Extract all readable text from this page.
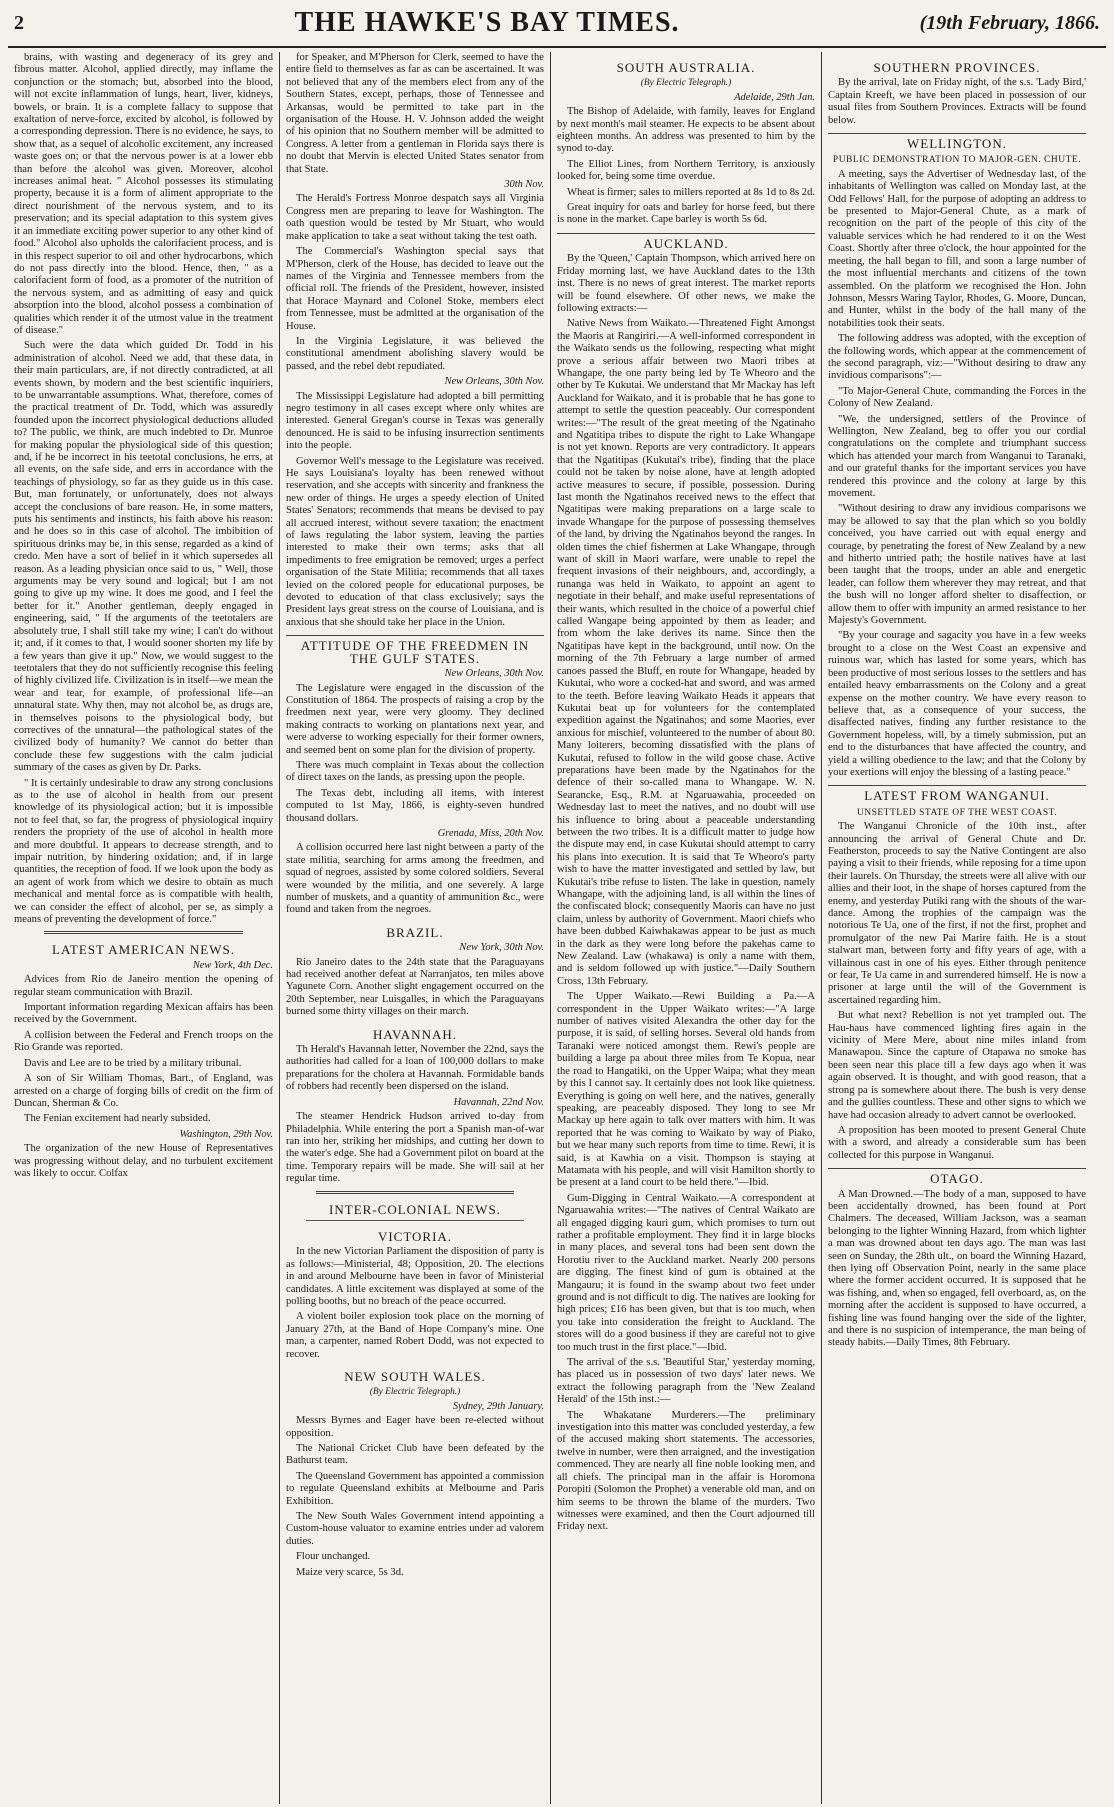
2	THE HAWKE'S BAY TIMES.	(19th February, 1866.

brains, with wasting and degeneracy of its grey and fibrous matter. Alcohol, applied directly, may inflame the conjunction or the stomach; but, absorbed into the blood, will not excite inflammation of lungs, heart, liver, kidneys, bowels, or brain. It is a complete fallacy to suppose that exaltation of nerve-force, excited by alcohol, is followed by a corresponding depression. There is no evidence, he says, to show that, as a sequel of alcoholic excitement, any increased waste goes on; or that the nervous power is at a lower ebb than before the alcohol was given. Moreover, alcohol increases animal heat. " Alcohol possesses its stimulating property, because it is a form of aliment appropriate to the direct nourishment of the nervous system, and to its preservation; and its special adaptation to this system gives it an immediate exciting power superior to any other kind of food." Alcohol also upholds the calorifacient process, and is in this respect superior to oil and other hydrocarbons, which do not pass directly into the blood. Hence, then, " as a calorifacient form of food, as a promoter of the nutrition of the nervous system, and as admitting of easy and quick absorption into the blood, alcohol possess a combination of qualities which render it of the utmost value in the treatment of disease."

Such were the data which guided Dr. Todd in his administration of alcohol. Need we add, that these data, in their main particulars, are, if not directly contradicted, at all events shown, by modern and the best scientific inquiriers, to be unwarrantable assumptions. What, therefore, comes of the practical treatment of Dr. Todd, which was assuredly founded upon the incorrect physiological deductions alluded to? The public, we think, are much indebted to Dr. Munroe for making popular the physiological side of this question; and, if he be incorrect in his teetotal conclusions, he errs, at all events, on the safe side, and errs in accordance with the teachings of physiology, so far as they guide us in this case. But, man fortunately, or unfortunately, does not always accept the conclusions of bare reason. He, in some matters, puts his sentiments and instincts, his faith above his reason: and he does so in this case of alcohol. The imbibition of spirituous drinks may be, in this sense, regarded as a kind of credo. Men have a sort of belief in it which supersedes all reason. As a leading physician once said to us, " Well, those arguments may be very sound and logical; but I am not going to give up my wine. It does me good, and I feel the better for it." Another gentleman, deeply engaged in engineering, said, " If the arguments of the teetotalers are absolutely true, I shall still take my wine; I can't do without it; and, if it comes to that, I would sooner shorten my life by a few years than give it up." Now, we would suggest to the teetotalers that they do not sufficiently recognise this feeling of highly civilized life. Civilization is in itself—we mean the wear and tear, for example, of professional life—an unnatural state. Why then, may not alcohol be, as drugs are, in themselves poisons to the physiological body, but correctives of the unnatural—the pathological states of the civilized body of humanity? We cannot do better than conclude these few suggestions with the calm judicial summary of the cases as given by Dr. Parks.

" It is certainly undesirable to draw any strong conclusions as to the use of alcohol in health from our present knowledge of its physiological action; but it is impossible not to feel that, so far, the progress of physiological inquiry renders the propriety of the use of alcohol in health more and more doubtful. It appears to decrease strength, and to impair nutrition, by hindering oxidation; and, if in large quantities, the reception of food. If we look upon the body as an agent of work from which we desire to obtain as much mechanical and mental force as is compatible with health, we can consider the effect of alcohol, per se, as simply a means of preventing the development of force."

LATEST AMERICAN NEWS.
New York, 4th Dec.

Advices from Rio de Janeiro mention the opening of regular steam communication with Brazil.

Important information regarding Mexican affairs has been received by the Government.

A collision between the Federal and French troops on the Rio Grande was reported.

Davis and Lee are to be tried by a military tribunal.

A son of Sir William Thomas, Bart., of England, was arrested on a charge of forging bills of credit on the firm of Duncan, Sherman & Co.

The Fenian excitement had nearly subsided.

Washington, 29th Nov.

The organization of the new House of Representatives was progressing without delay, and no turbulent excitement was likely to occur. Colfax

for Speaker, and M'Pherson for Clerk, seemed to have the entire field to themselves as far as can be ascertained. It was not believed that any of the members elect from any of the Southern States, except, perhaps, those of Tennessee and Arkansas, would be permitted to take part in the organisation of the House. H. V. Johnson added the weight of his opinion that no Southern member will be admitted to Congress. A letter from a gentleman in Florida says there is no doubt that Mervin is elected United States senator from that State.

30th Nov.

The Herald's Fortress Monroe despatch says all Virginia Congress men are preparing to leave for Washington. The oath question would be tested by Mr Stuart, who would make application to take a seat without taking the test oath.

The Commercial's Washington special says that M'Pherson, clerk of the House, has decided to leave out the names of the Virginia and Tennessee members from the official roll. The friends of the President, however, insisted that Horace Maynard and Colonel Stoke, members elect from Tennessee, must be admitted at the organisation of the House.

In the Virginia Legislature, it was believed the constitutional amendment abolishing slavery would be passed, and the rebel debt repudiated.

New Orleans, 30th Nov.

The Mississippi Legislature had adopted a bill permitting negro testimony in all cases except where only whites are interested. General Gregan's course in Texas was generally denounced. He is said to be infusing insurrection sentiments into the people.

Governor Well's message to the Legislature was received. He says Louisiana's loyalty has been renewed without reservation, and she accepts with sincerity and frankness the new order of things. He urges a speedy election of United States' Senators; recommends that means be devised to pay all accrued interest, without severe taxation; the enactment of laws regulating the labor system, leaving the parties interested to make their own terms; asks that all impediments to free emigration be removed; urges a perfect organisation of the State Militia; recommends that all taxes levied on the colored people for educational purposes, be devoted to education of that class exclusively; says the President lays great stress on the course of Louisiana, and is anxious that she should take her place in the Union.

ATTITUDE OF THE FREEDMEN IN THE GULF STATES.
New Orleans, 30th Nov.

The Legislature were engaged in the discussion of the Constitution of 1864. The prospects of raising a crop by the freedmen next year, were very gloomy. They declined making contracts to working on plantations next year, and were adverse to working especially for their former owners, and seemed bent on some plan for the division of property.

There was much complaint in Texas about the collection of direct taxes on the lands, as pressing upon the people.

The Texas debt, including all items, with interest computed to 1st May, 1866, is eighty-seven hundred thousand dollars.

Grenada, Miss, 20th Nov.

A collision occurred here last night between a party of the state militia, searching for arms among the freedmen, and squad of negroes, assisted by some colored soldiers. Several were wounded by the militia, and one severely. A large number of muskets, and a quantity of ammunition &c., were found and taken from the negroes.

BRAZIL.
New York, 30th Nov.

Rio Janeiro dates to the 24th state that the Paraguayans had received another defeat at Narranjatos, ten miles above Yagunete Corn. Another slight engagement occurred on the 20th September, near Luisgalles, in which the Paraguayans burned some thirty villages on their march.

HAVANNAH.

Th Herald's Havannah letter, November the 22nd, says the authorities had called for a loan of 100,000 dollars to make preparations for the cholera at Havannah. Formidable bands of robbers had recently been dispersed on the island.

Havannah, 22nd Nov.

The steamer Hendrick Hudson arrived to-day from Philadelphia. While entering the port a Spanish man-of-war ran into her, striking her midships, and cutting her down to the water's edge. She had a Government pilot on board at the time. Temporary repairs will be made. She will sail at her regular time.

INTER-COLONIAL NEWS.
VICTORIA.

In the new Victorian Parliament the disposition of party is as follows:—Ministerial, 48; Opposition, 20. The elections in and around Melbourne have been in favor of Ministerial candidates. A little excitement was displayed at some of the polling booths, but no breach of the peace occurred.

A violent boiler explosion took place on the morning of January 27th, at the Band of Hope Company's mine. One man, a carpenter, named Robert Dodd, was not expected to recover.

NEW SOUTH WALES.
(By Electric Telegraph.)
Sydney, 29th January.

Messrs Byrnes and Eager have been re-elected without opposition.

The National Cricket Club have been defeated by the Bathurst team.

The Queensland Government has appointed a commission to regulate Queensland exhibits at Melbourne and Paris Exhibition.

The New South Wales Government intend appointing a Custom-house valuator to examine entries under ad valorem duties.

Flour unchanged.

Maize very scarce, 5s 3d.

SOUTH AUSTRALIA.
(By Electric Telegraph.)
Adelaide, 29th Jan.

The Bishop of Adelaide, with family, leaves for England by next month's mail steamer. He expects to be absent about eighteen months. An address was presented to him by the synod to-day.

The Elliot Lines, from Northern Territory, is anxiously looked for, being some time overdue.

Wheat is firmer; sales to millers reported at 8s 1d to 8s 2d.

Great inquiry for oats and barley for horse feed, but there is none in the market. Cape barley is worth 5s 6d.

AUCKLAND.

By the 'Queen,' Captain Thompson, which arrived here on Friday morning last, we have Auckland dates to the 13th inst. There is no news of great interest. The market reports will be found elsewhere. Of other news, we make the following extracts:—

Native News from Waikato.—Threatened Fight Amongst the Maoris at Rangiriri.—A well-informed correspondent in the Waikato sends us the following, respecting what might prove a serious affair between two Maori tribes at Whangape, the one party being led by Te Wheoro and the other by Te Kukutai. We understand that Mr Mackay has left Auckland for Waikato, and it is probable that he has gone to attempt to settle the question peaceably. Our correspondent writes:—"The result of the great meeting of the Ngatinaho and Ngatitipa tribes to dispute the right to Lake Whangape is not yet known. Reports are very contradictory. It appears that the Ngatitipas (Kukutai's tribe), finding that the place could not be taken by noise alone, have at length adopted active measures to secure, if possible, possession. During last month the Ngatinahos received news to the effect that Ngatitipas were making preparations on a large scale to invade Whangape for the purpose of possessing themselves of the land, by driving the Ngatinahos beyond the ranges. In olden times the chief fishermen at Lake Whangape, through want of skill in Maori warfare, were unable to repel the frequent invasions of their neighbours, and, accordingly, a runanga was held in Waikato, to appoint an agent to negotiate in their behalf, and make useful representations of their wants, which resulted in the choice of a powerful chief called Wangape being appointed by them as leader; and from whom the lake derives its name. Since then the Ngatitipas have kept in the background, until now. On the morning of the 7th February a large number of armed canoes passed the Bluff, en route for Whangape, headed by Kukutai, who wore a cocked-hat and sword, and was armed to the teeth. Before leaving Waikato Heads it appears that Kukutai beat up for volunteers for the contemplated expedition against the Ngatinahos; and some Maories, ever anxious for mischief, volunteered to the number of about 80. Many loiterers, becoming dissatisfied with the plans of Kukutai, refused to follow in the wild goose chase. Active preparations have been made by the Ngatinahos for the defence of their so-called mana to Whangape. W. N. Searancke, Esq., R.M. at Ngaruawahia, proceeded on Wednesday last to meet the natives, and no doubt will use his influence to bring about a peaceable understanding between the two tribes. It is a difficult matter to judge how the dispute may end, in case Kukutai should attempt to carry his plans into execution. It is said that Te Wheoro's party wish to have the matter investigated and settled by law, but Kukutai's tribe refuse to listen. The lake in question, namely Whangape, with the adjoining land, is all within the lines of the confiscated block; consequently Maoris can have no just claim, unless by authority of Government. Maori chiefs who have been dubbed Kaiwhakawas appear to be just as much in the dark as they were long before the pakehas came to New Zealand. Law (whakawa) is only a name with them, and is seldom followed up with justice."—Daily Southern Cross, 13th February.

The Upper Waikato.—Rewi Building a Pa.—A correspondent in the Upper Waikato writes:—"A large number of natives visited Alexandra the other day for the purpose, it is said, of selling horses. Several old hands from Taranaki were noticed amongst them. Rewi's people are building a large pa about three miles from Te Kopua, near the road to Hangatiki, on the Upper Waipa; what they mean by this I cannot say. It certainly does not look like quietness. Everything is going on well here, and the natives, generally speaking, are peaceably disposed. They long to see Mr Mackay up here again to talk over matters with him. It was reported that he was coming to Waikato by way of Piako, but we hear many such reports from time to time. Rewi, it is said, is at Kawhia on a visit. Thompson is staying at Matamata with his people, and will visit Hamilton shortly to be present at a land court to be held there."—Ibid.

Gum-Digging in Central Waikato.—A correspondent at Ngaruawahia writes:—"The natives of Central Waikato are all engaged digging kauri gum, which promises to turn out rather a profitable employment. They find it in large blocks in many places, and several tons had been sent down the Horotiu river to the Auckland market. Nearly 200 persons are digging. The finest kind of gum is obtained at the Mangauru; it is found in the swamp about two feet under ground and is not difficult to dig. The natives are looking for high prices; £16 has been given, but that is too much, when you take into consideration the freight to Auckland. The stores will do a good business if they are careful not to give too much trust in the first place."—Ibid.

The arrival of the s.s. 'Beautiful Star,' yesterday morning, has placed us in possession of two days' later news. We extract the following paragraph from the 'New Zealand Herald' of the 15th inst.:—

The Whakatane Murderers.—The preliminary investigation into this matter was concluded yesterday, a few of the accused making short statements. The accessories, twelve in number, were then arraigned, and the investigation commenced. They are nearly all fine noble looking men, and all chiefs. The principal man in the affair is Horomona Poropiti (Solomon the Prophet) a venerable old man, and on him seems to be thrown the blame of the murders. Two witnesses were examined, and then the Court adjourned till Friday next.

SOUTHERN PROVINCES.

By the arrival, late on Friday night, of the s.s. 'Lady Bird,' Captain Kreeft, we have been placed in possession of our usual files from Southern Provinces. Extracts will be found below.

WELLINGTON.
PUBLIC DEMONSTRATION TO MAJOR-GEN. CHUTE.

A meeting, says the Advertiser of Wednesday last, of the inhabitants of Wellington was called on Monday last, at the Odd Fellows' Hall, for the purpose of adopting an address to be presented to Major-General Chute, as a mark of recognition on the part of the people of this city of the valuable services which he had rendered to it on the West Coast. Shortly after three o'clock, the hour appointed for the meeting, the hall began to fill, and soon a large number of the most influential merchants and citizens of the town assembled. On the platform we recognised the Hon. John Johnson, Messrs Waring Taylor, Rhodes, G. Moore, Duncan, and Hunter, whilst in the body of the hall many of the notabilities took their seats.

The following address was adopted, with the exception of the following words, which appear at the commencement of the second paragraph, viz:—"Without desiring to draw any invidious comparisons":—

"To Major-General Chute, commanding the Forces in the Colony of New Zealand.

"We, the undersigned, settlers of the Province of Wellington, New Zealand, beg to offer you our cordial congratulations on the complete and triumphant success which has attended your march from Wanganui to Taranaki, and our grateful thanks for the important services you have rendered this province and the colony at large by this movement.

"Without desiring to draw any invidious comparisons we may be allowed to say that the plan which so you boldly conceived, you have carried out with equal energy and courage, by penetrating the forest of New Zealand by a new and hitherto untried path; the hostile natives have at last been taught that the troops, under an able and energetic leader, can follow them wherever they may retreat, and that the bush will no longer afford shelter to disaffection, or allow them to offer with impunity an armed resistance to her Majesty's Government.

"By your courage and sagacity you have in a few weeks brought to a close on the West Coast an expensive and ruinous war, which has lasted for some years, which has been productive of most serious losses to the settlers and has entailed heavy embarrassments on the Colony and a great expense on the mother country. We have every reason to believe that, as a consequence of your success, the disaffected natives, finding any further resistance to the Government hopeless, will, by a timely submission, put an end to the disturbances that have affected the country, and yield a willing obedience to the law; and that the Colony by your exertions will enjoy the blessing of a lasting peace."

LATEST FROM WANGANUI.
UNSETTLED STATE OF THE WEST COAST.

The Wanganui Chronicle of the 10th inst., after announcing the arrival of General Chute and Dr. Featherston, proceeds to say the Native Contingent are also paying a visit to their friends, while reposing for a time upon their laurels. On Thursday, the streets were all alive with our allies and their loot, in the shape of horses captured from the enemy, and yesterday Putiki rang with the shouts of the war-dance. Among the trophies of the campaign was the notorious Te Ua, one of the first, if not the first, prophet and promulgator of the new Pai Marire faith. He is a stout stalwart man, between forty and fifty years of age, with a villainous cast in one of his eyes. Either through penitence or fear, Te Ua came in and surrendered himself. He is now a prisoner at large until the will of the Government is ascertained regarding him.

But what next? Rebellion is not yet trampled out. The Hau-haus have commenced lighting fires again in the vicinity of Mere Mere, about nine miles inland from Manawapou. Since the capture of Otapawa no smoke has been seen near this place till a few days ago when it was again observed. It is thought, and with good reason, that a strong pa is somewhere about there. The bush is very dense and the gullies countless. These and other signs to which we have had occasion already to advert cannot be overlooked.

A proposition has been mooted to present General Chute with a sword, and already a considerable sum has been collected for this purpose in Wanganui.

OTAGO.

A Man Drowned.—The body of a man, supposed to have been accidentally drowned, has been found at Port Chalmers. The deceased, William Jackson, was a seaman belonging to the lighter Winning Hazard, from which lighter a man was drowned about ten days ago. The man was last seen on Sunday, the 28th ult., on board the Winning Hazard, then lying off Observation Point, nearly in the same place where the former accident occurred. It is supposed that he was fishing, and, when so engaged, fell overboard, as, on the morning after the accident is supposed to have occurred, a fishing line was found hanging over the side of the lighter, and there is no suspicion of intemperance, the man being of steady habits.—Daily Times, 8th February.
